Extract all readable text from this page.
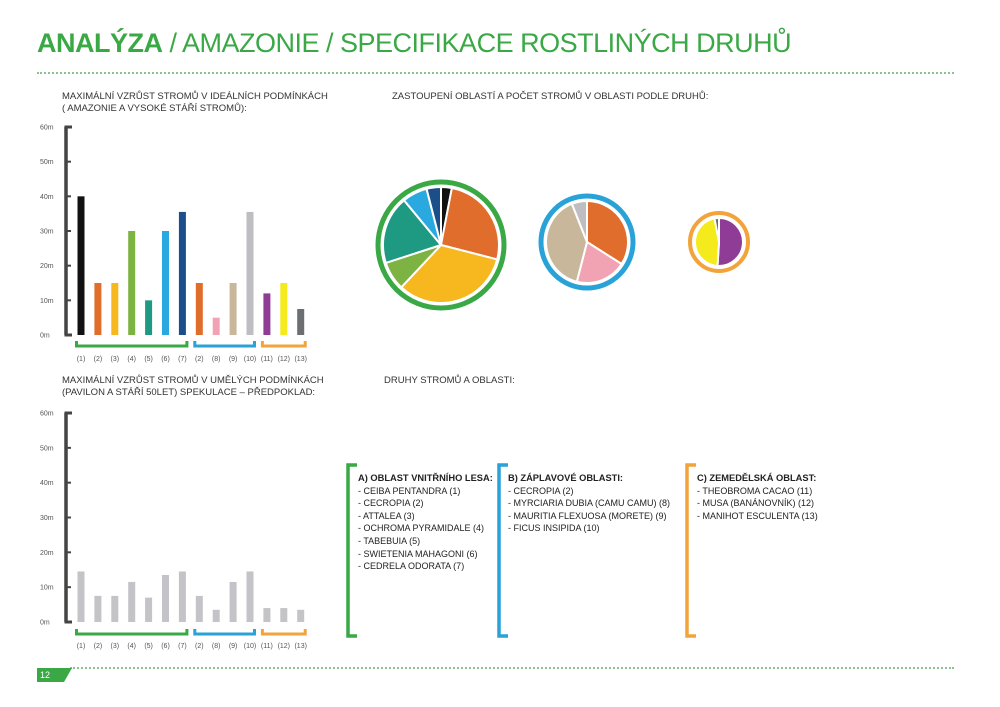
ANALÝZA / AMAZONIE / SPECIFIKACE ROSTLINÝCH DRUHŮ
MAXIMÁLNÍ VZRŮST STROMŮ V IDEÁLNÍCH PODMÍNKÁCH
( AMAZONIE A VYSOKÉ STÁŘÍ STROMŮ):
ZASTOUPENÍ OBLASTÍ A POČET STROMŮ V OBLASTI PODLE DRUHŮ:
MAXIMÁLNÍ VZRŮST STROMŮ V UMĚLÝCH PODMÍNKÁCH
(PAVILON A STÁŘÍ 50LET) SPEKULACE – PŘEDPOKLAD:
DRUHY STROMŮ A OBLASTI:
0m
10m
20m
30m
40m
50m
60m
(1) (2) (3) (4) (5) (6) (7) (2) (8) (9) (10) (11) (12) (13)
0m
10m
20m
30m
40m
50m
60m
(1) (2) (3) (4) (5) (6) (7) (2) (8) (9) (10) (11) (12) (13)
A) OBLAST VNITŘNÍHO LESA:
- CEIBA PENTANDRA (1)
- CECROPIA (2)
- ATTALEA (3)
- OCHROMA PYRAMIDALE (4)
- TABEBUIA (5)
- SWIETENIA MAHAGONI (6)
- CEDRELA ODORATA (7)
B) ZÁPLAVOVÉ OBLASTI:
- CECROPIA (2)
- MYRCIARIA DUBIA (CAMU CAMU) (8)
- MAURITIA FLEXUOSA (MORETE) (9)
- FICUS INSIPIDA (10)
C) ZEMEDĚLSKÁ OBLAST:
- THEOBROMA CACAO (11)
- MUSA (BANÁNOVNÍK) (12)
- MANIHOT ESCULENTA (13)
12
